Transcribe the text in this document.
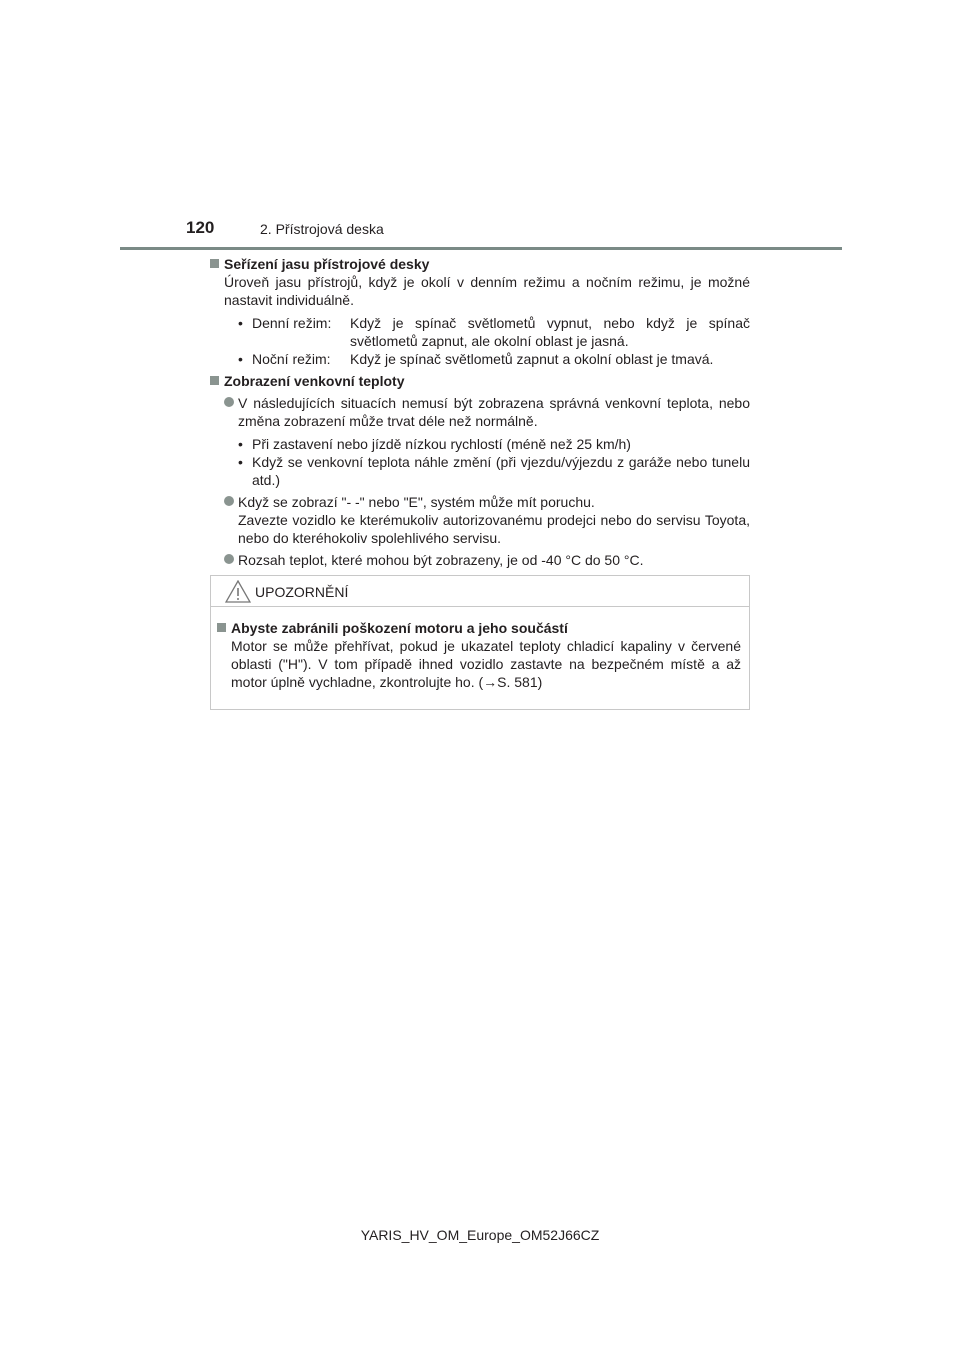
120	2. Přístrojová deska
Seřízení jasu přístrojové desky
Úroveň jasu přístrojů, když je okolí v denním režimu a nočním režimu, je možné nastavit individuálně.
• Denní režim:	Když je spínač světlometů vypnut, nebo když je spínač světlometů zapnut, ale okolní oblast je jasná.
• Noční režim:	Když je spínač světlometů zapnut a okolní oblast je tmavá.
Zobrazení venkovní teploty
V následujících situacích nemusí být zobrazena správná venkovní teplota, nebo změna zobrazení může trvat déle než normálně.
• Při zastavení nebo jízdě nízkou rychlostí (méně než 25 km/h)
• Když se venkovní teplota náhle změní (při vjezdu/výjezdu z garáže nebo tunelu atd.)
Když se zobrazí "- -" nebo "E", systém může mít poruchu.
Zavezte vozidlo ke kterémukoliv autorizovanému prodejci nebo do servisu Toyota, nebo do kteréhokoliv spolehlivého servisu.
Rozsah teplot, které mohou být zobrazeny, je od -40 °C do 50 °C.
UPOZORNĚNÍ
Abyste zabránili poškození motoru a jeho součástí
Motor se může přehřívat, pokud je ukazatel teploty chladicí kapaliny v červené oblasti ("H"). V tom případě ihned vozidlo zastavte na bezpečném místě a až motor úplně vychladne, zkontrolujte ho. (→S. 581)
YARIS_HV_OM_Europe_OM52J66CZ
